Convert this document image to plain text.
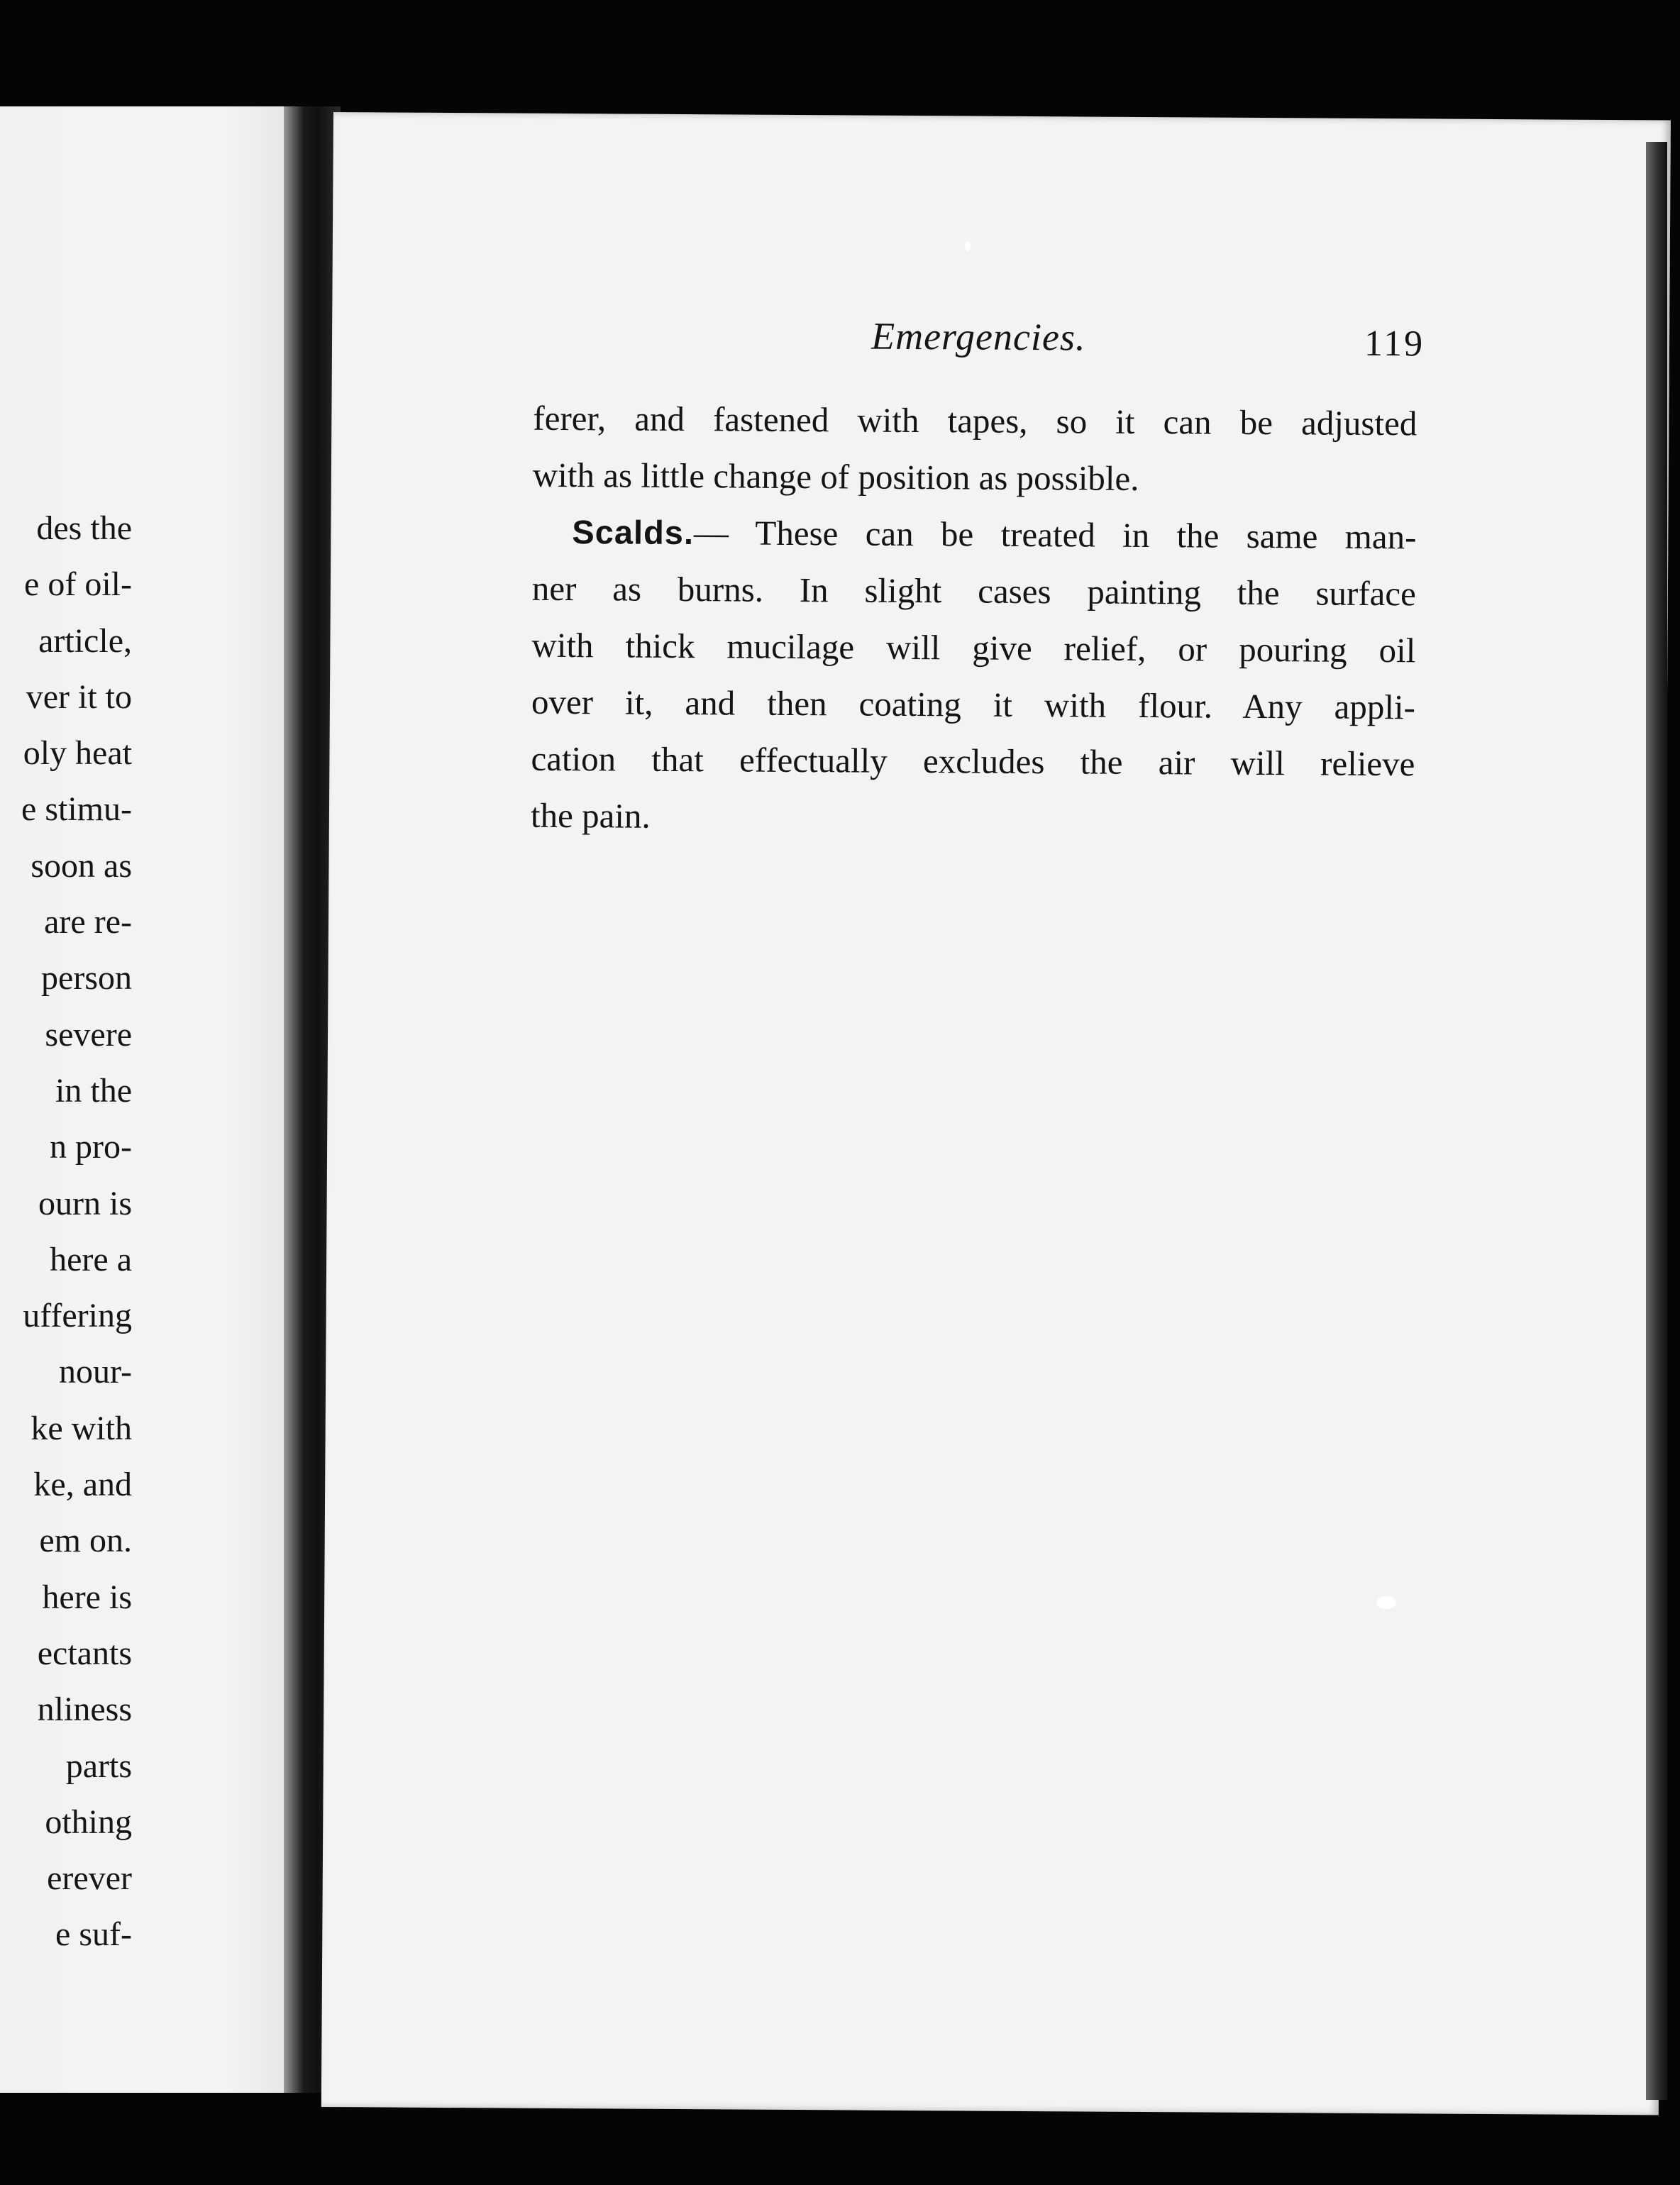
des the
e of oil-
article,
ver it to
oly heat
e stimu-
soon as
are re-
person
severe
in the
n pro-
ourn is
here a
uffering
nour-
ke with
ke, and
em on.
here is
ectants
nliness
parts
othing
erever
e suf-
Emergencies.	119
ferer, and fastened with tapes, so it can be adjusted
with as little change of position as possible.
Scalds.— These can be treated in the same man-
ner as burns. In slight cases painting the surface
with thick mucilage will give relief, or pouring oil
over it, and then coating it with flour. Any appli-
cation that effectually excludes the air will relieve
the pain.
